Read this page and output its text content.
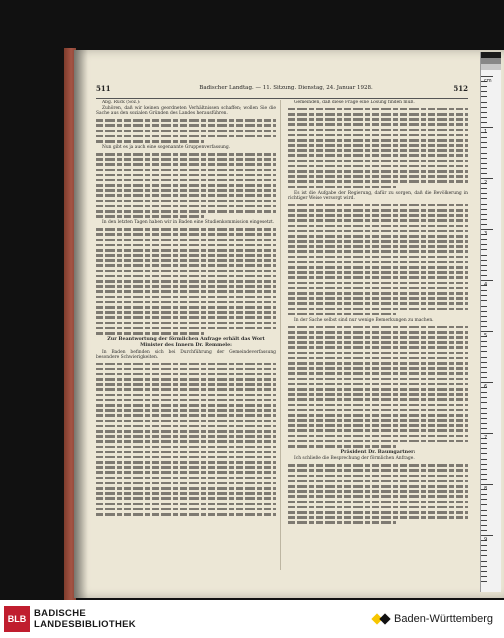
511	Badischer Landtag. — 11. Sitzung. Dienstag, 24. Januar 1928.	512

Abg. Rück (Soz.):

Zuhören, daß wir keinen geordneten Verhältnissen schaffen; wollen Sie die Sache aus den sozialen Gründen des Landes herausführen.

Nun gibt es ja auch eine sogenannte Gruppenverfassung.

In den letzten Tagen haben wir in Baden eine Studienkommission eingesetzt.

Zur Beantwortung der förmlichen Anfrage erhält das Wort

Minister des Innern Dr. Remmele:

In Baden befinden sich bei Durchführung der Gemeindeverfassung besondere Schwierigkeiten.

Gemeinden, daß diese Frage eine Lösung finden muß.

Es ist die Aufgabe der Regierung, dafür zu sorgen, daß die Bevölkerung in richtiger Weise versorgt wird.

In der Sache selbst sind nur wenige Bemerkungen zu machen.

Präsident Dr. Baumgartner:

Ich schließe die Besprechung der förmlichen Anfrage.

cm
1
2
3
4
5
6
7
8
9
BLB BADISCHE
LANDESBIBLIOTHEK	Baden-Württemberg
